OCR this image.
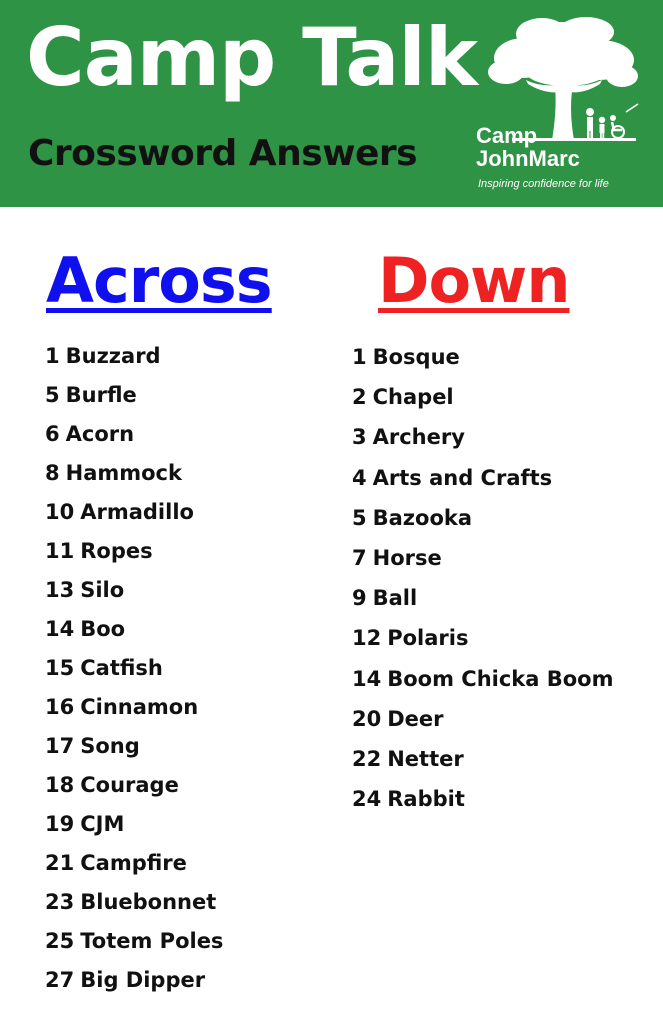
Camp Talk
Crossword Answers	Camp
JohnMarc
Inspiring confidence for life
Across Down
1 Buzzard
5 Burfle
6 Acorn
8 Hammock
10 Armadillo
11 Ropes
13 Silo
14 Boo
15 Catfish
16 Cinnamon
17 Song
18 Courage
19 CJM
21 Campfire
23 Bluebonnet
25 Totem Poles
27 Big Dipper
1 Bosque
2 Chapel
3 Archery
4 Arts and Crafts
5 Bazooka
7 Horse
9 Ball
12 Polaris
14 Boom Chicka Boom
20 Deer
22 Netter
24 Rabbit
